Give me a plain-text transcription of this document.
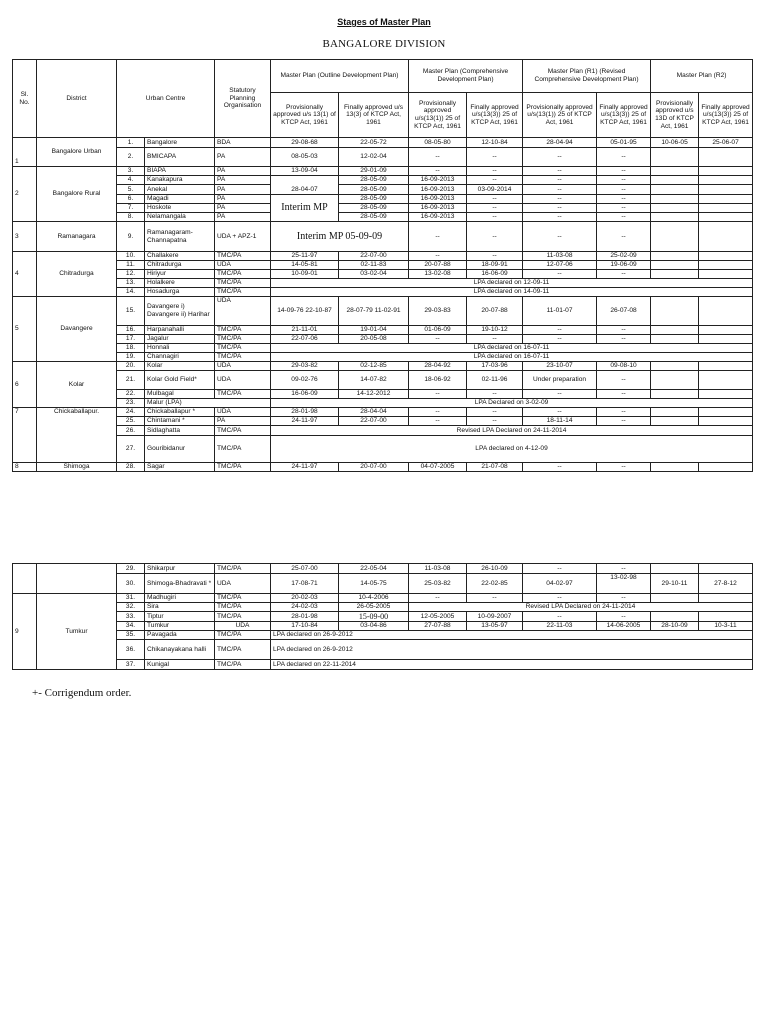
Stages of Master Plan
BANGALORE DIVISION
Sl. No.	District	Urban Centre		Statutory Planning Organisation	Master Plan (Outline Development Plan)		Master Plan (Comprehensive Development Plan)		Master Plan (R1) (Revised Comprehensive Development Plan)		Master Plan (R2)	
					Provisionally approved u/s 13(1) of KTCP Act, 1961	Finally approved u/s 13(3) of KTCP Act, 1961	Provisionally approved u/s(13(1)) 25 of KTCP Act, 1961	Finally approved u/s(13(3)) 25 of KTCP Act, 1961	Provisionally approved u/s(13(1)) 25 of KTCP Act, 1961	Finally approved u/s(13(3)) 25 of KTCP Act, 1961	Provisionally approved u/s 13D of KTCP Act, 1961	Finally approved u/s(13(3)) 25 of KTCP Act, 1961
1	Bangalore Urban	1.	Bangalore	BDA	29-08-68	22-05-72	08-05-80	12-10-84	28-04-94	05-01-95	10-06-05	25-06-07
		2.	BMICAPA	PA	08-05-03	12-02-04	--	--	--	--		
2	Bangalore Rural	3.	BIAPA	PA	13-09-04	29-01-09	--	--	--	--		
		4.	Kanakapura	PA	28-04-07	28-05-09	16-09-2013	--	--	--		
		5.	Anekal	PA		28-05-09	16-09-2013	03-09-2014	--	--		
		6.	Magadi	PA	Interim MP	28-05-09	16-09-2013	--	--	--		
		7.	Hoskote	PA		28-05-09	16-09-2013	--	--	--		
		8.	Nelamangala	PA		28-05-09	16-09-2013	--	--	--		
3	Ramanagara	9.	Ramanagaram-Channapatna	UDA + APZ-1	Interim MP 05-09-09		--	--	--	--		
4	Chitradurga	10.	Challakere	TMC/PA	25-11-97	22-07-00	--	--	11-03-08	25-02-09		
		11.	Chitradurga	UDA	14-05-81	02-11-83	20-07-88	18-09-91	12-07-06	19-06-09		
		12.	Hiriyur	TMC/PA	10-09-01	03-02-04	13-02-08	16-06-09	--	--		
		13.	Holalkere	TMC/PA	LPA declared on 12-09-11							
		14.	Hosadurga	TMC/PA	LPA declared on 14-09-11							
5	Davangere	15.	Davangere i) Davangere ii) Harihar	UDA	14-09-76 22-10-87	28-07-79 11-02-91	29-03-83	20-07-88	11-01-07	26-07-08		
		16.	Harpanahalli	TMC/PA	21-11-01	19-01-04	01-06-09	19-10-12	--	--		
		17.	Jagalur	TMC/PA	22-07-06	20-05-08	--	--	--	--		
		18.	Honnali	TMC/PA	LPA declared on 16-07-11							
		19.	Channagiri	TMC/PA	LPA declared on 16-07-11							
6	Kolar	20.	Kolar	UDA	29-03-82	02-12-85	28-04-92	17-03-96	23-10-07	09-08-10		
		21.	Kolar Gold Field*	UDA	09-02-76	14-07-82	18-06-92	02-11-96	Under preparation	--		
		22.	Mulbagal	TMC/PA	16-06-09	14-12-2012	--	--	--	--		
		23.	Malur (LPA)		LPA Declared on 3-02-09							
7	Chickaballapur.	24.	Chickaballapur *	UDA	28-01-98	28-04-04	--	--	--	--		
		25.	Chintamani *	PA	24-11-97	22-07-00	--	--	18-11-14	--		
		26.	Sidlaghatta	TMC/PA	Revised LPA Declared on 24-11-2014							
		27.	Gouribidanur	TMC/PA	LPA declared on 4-12-09							
8	Shimoga	28.	Sagar	TMC/PA	24-11-97	20-07-00	04-07-2005	21-07-08	--	--		
		29.	Shikarpur	TMC/PA	25-07-00	22-05-04	11-03-08	26-10-09	--	--		
		30.	Shimoga-Bhadravati *	UDA	17-08-71	14-05-75	25-03-82	22-02-85	04-02-97	13-02-98	29-10-11	27-8-12
9	Tumkur	31.	Madhugiri	TMC/PA	20-02-03	10-4-2006	--	--	--	--		
		32.	Sira	TMC/PA	24-02-03	26-05-2005	Revised LPA Declared on 24-11-2014					
		33.	Tiptur	TMC/PA	28-01-98	15-09-00	12-05-2005	10-09-2007	--	--		
		34.	Tumkur	UDA	17-10-84	03-04-86	27-07-88	13-05-97	22-11-03	14-06-2005	28-10-09	10-3-11
		35.	Pavagada	TMC/PA	LPA declared on 26-9-2012							
		36.	Chikanayakana halli	TMC/PA	LPA declared on 26-9-2012							
		37.	Kunigal	TMC/PA	LPA declared on 22-11-2014							
+- Corrigendum order.
